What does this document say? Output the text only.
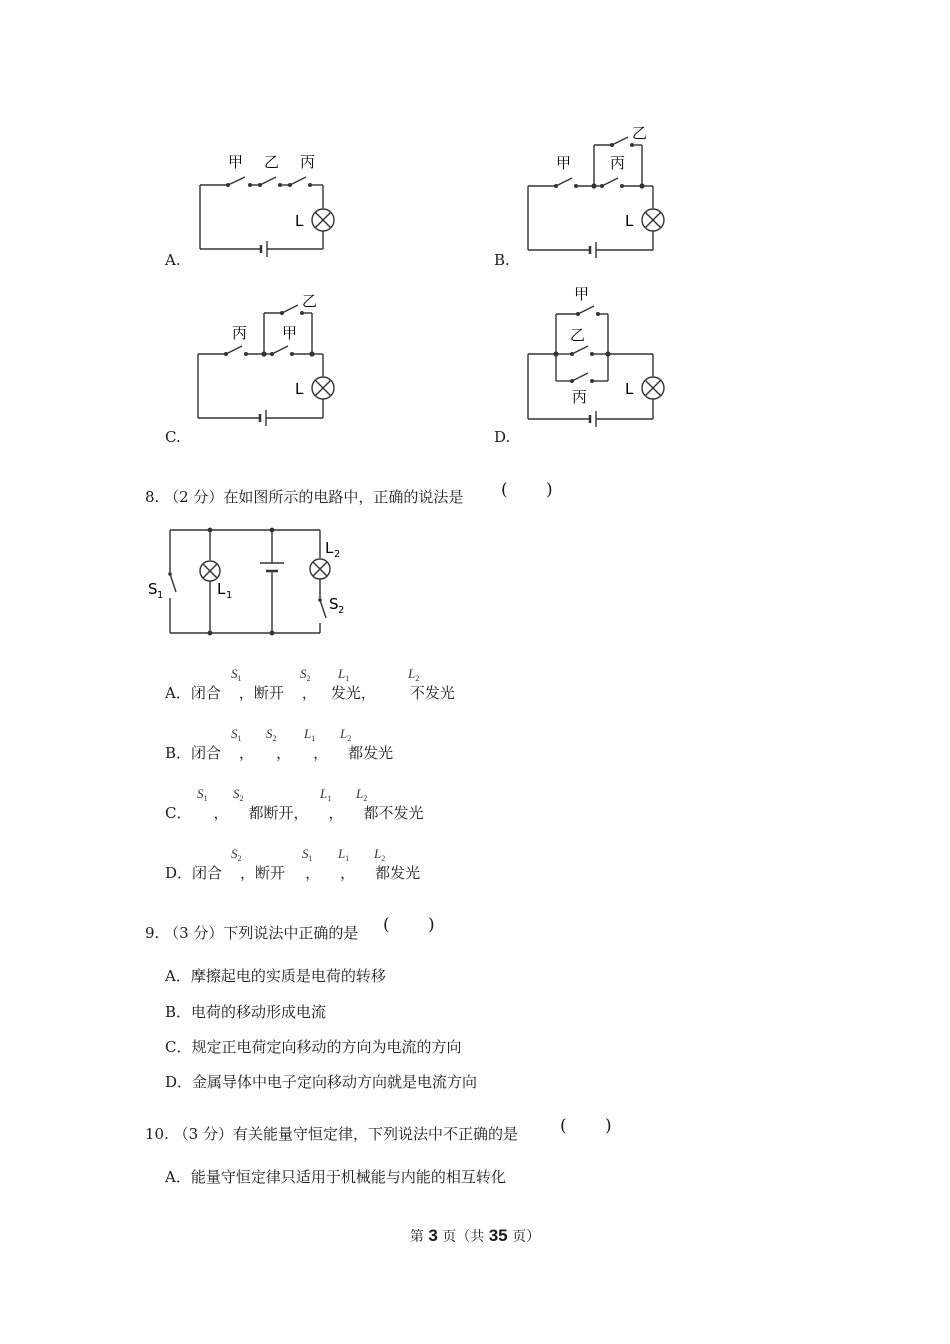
A.
甲 乙 丙
L
B.
甲
乙
丙
L
C.
丙
乙
甲
L
D.
甲
乙
丙	L
8. （2 分）在如图所示的电路中，正确的说法是 ( )
S 1	L 1
L 2
S 2
A．闭合 ，断开 ， 发光， 不发光
$S_1$	$S_2$ $L_1$	$L_2$
B．闭合 ， ， ， 都发光
$S_1$ $S_2$ $L_1$ $L_2$
C． ， 都断开， ， 都不发光
$S_1$ $S_2$	$L_1$ $L_2$
D．闭合 ，断开 ， ， 都发光
$S_2$	$S_1$ $L_1$ $L_2$
9. （3 分）下列说法中正确的是 ( )
A．摩擦起电的实质是电荷的转移
B．电荷的移动形成电流
C．规定正电荷定向移动的方向为电流的方向
D．金属导体中电子定向移动方向就是电流方向
10. （3 分）有关能量守恒定律，下列说法中不正确的是 ( )
A．能量守恒定律只适用于机械能与内能的相互转化
第 3 页（共 35 页）
